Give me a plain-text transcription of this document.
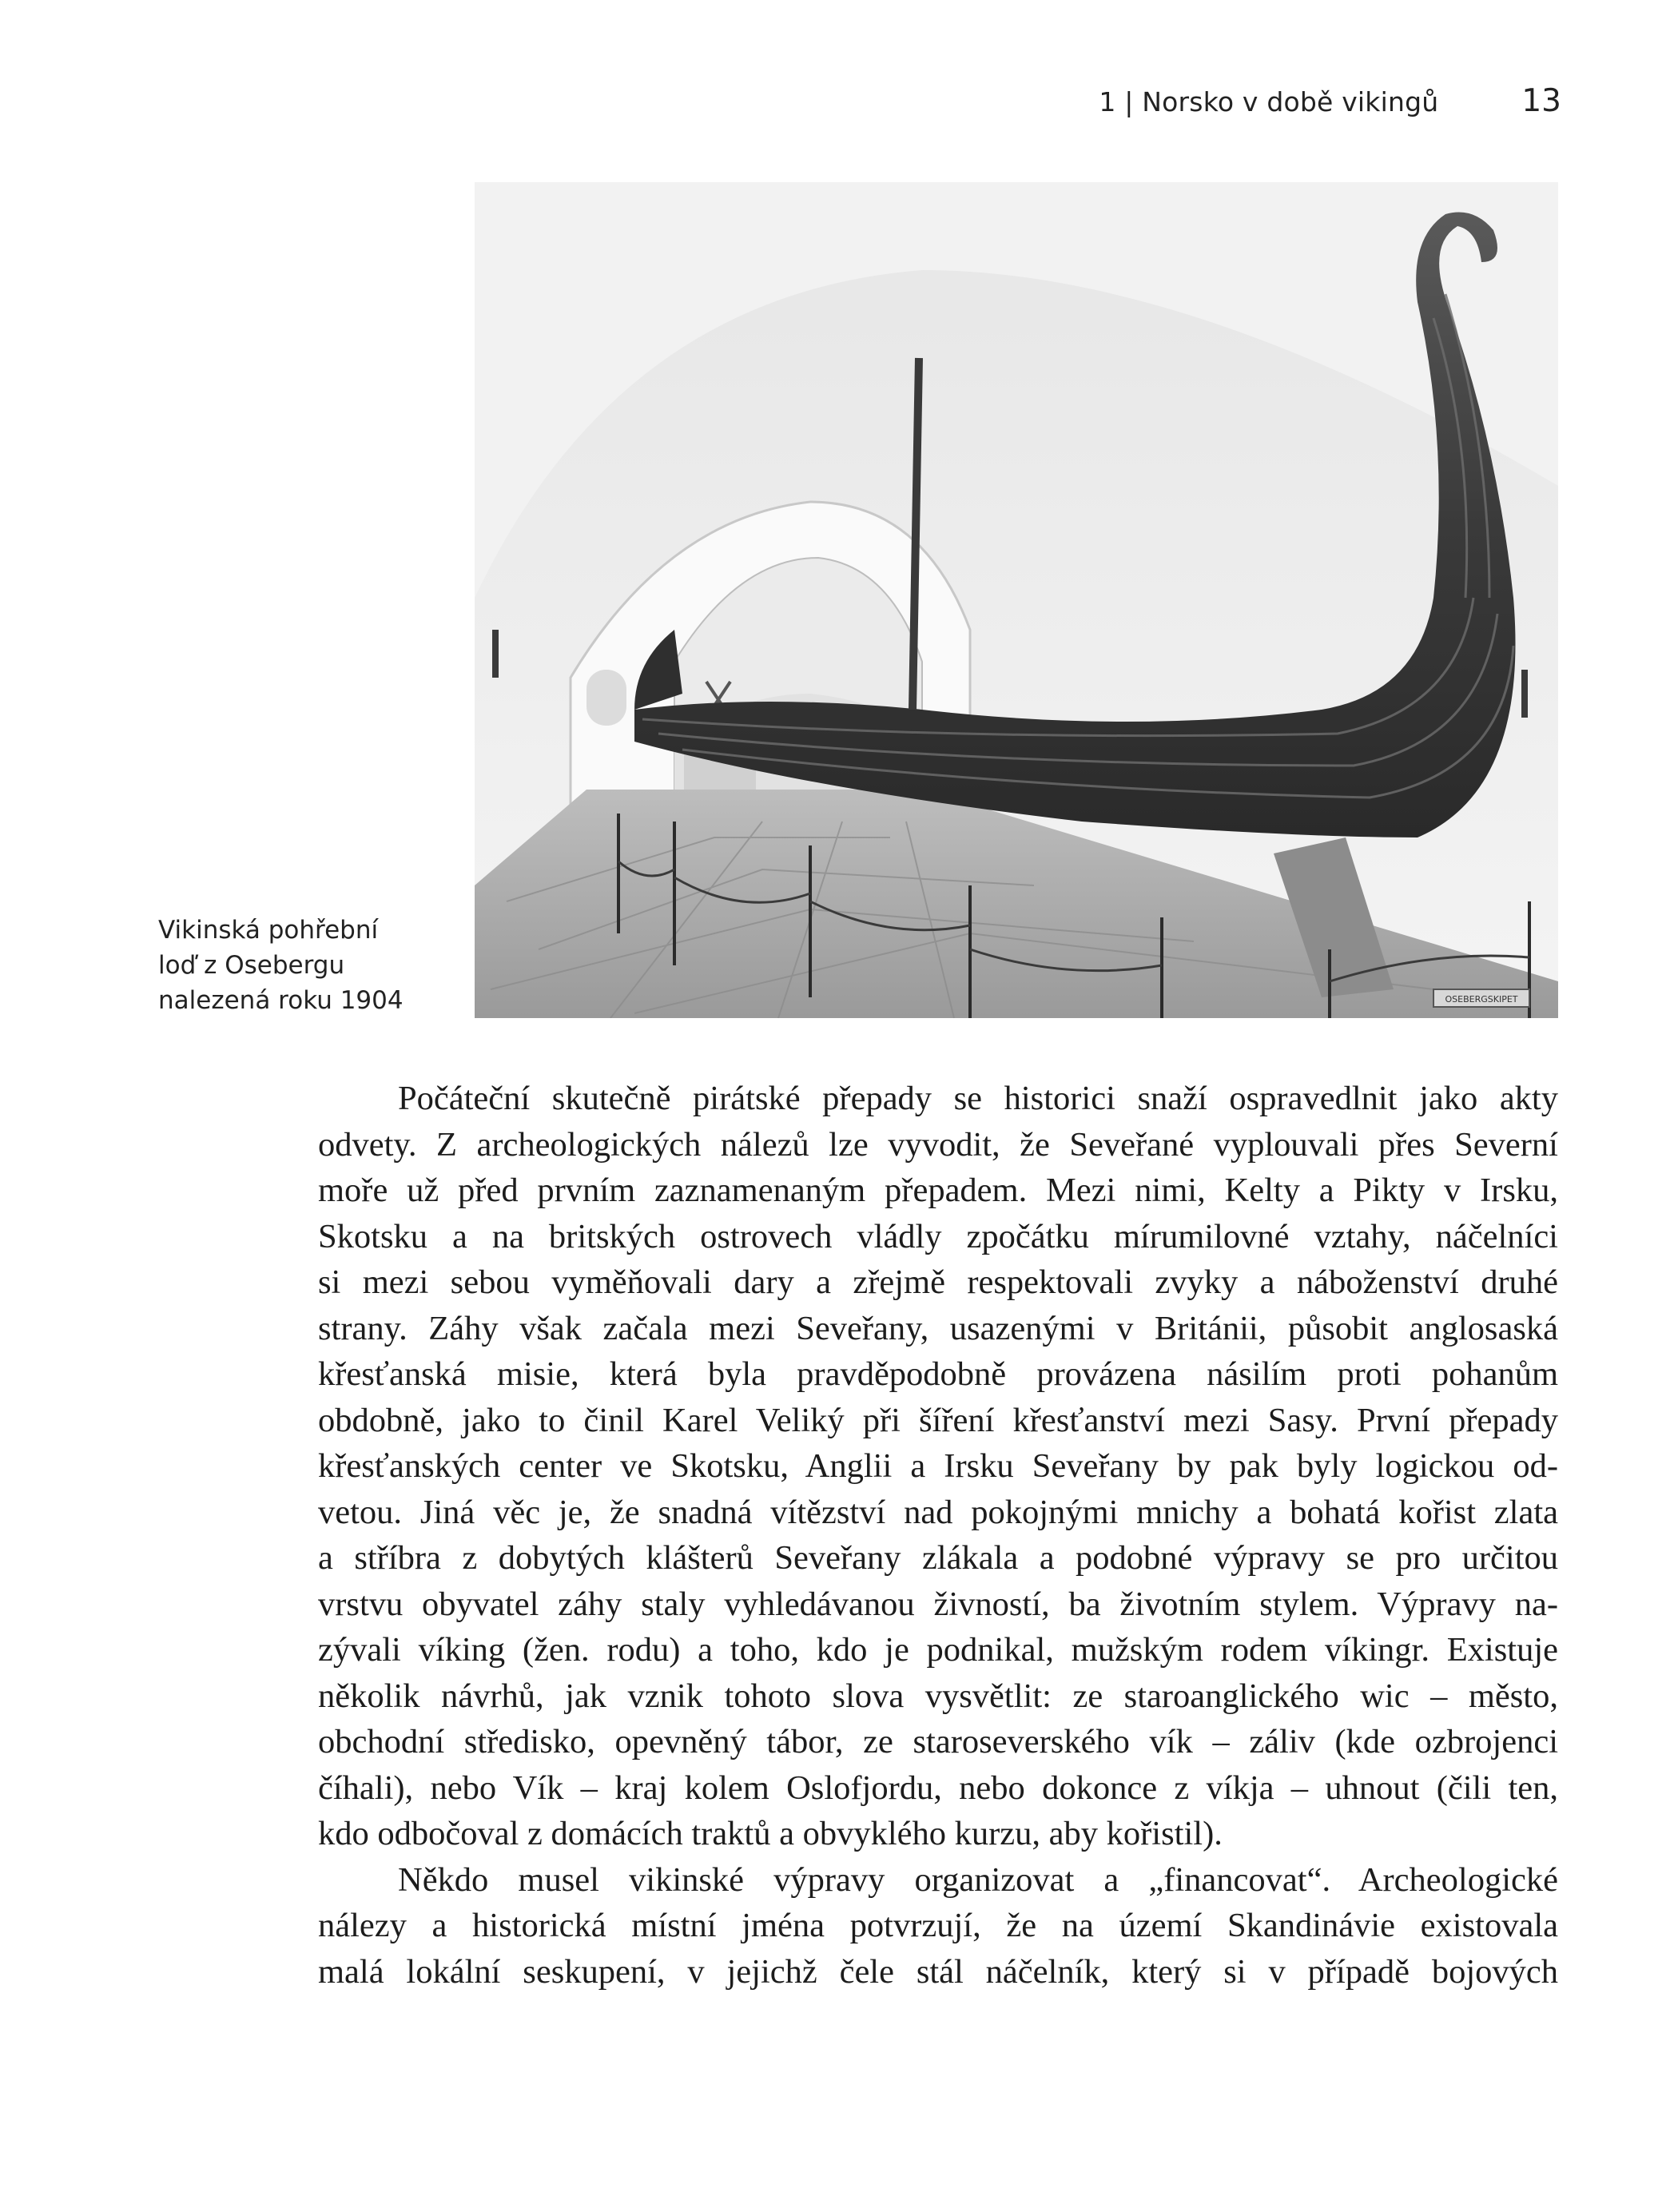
1 | Norsko v době vikingů	13
OSEBERGSKIPET
Vikinská pohřební
loď z Osebergu
nalezená roku 1904
Počáteční skutečně pirátské přepady se historici snaží ospravedlnit jako akty
odvety. Z archeologických nálezů lze vyvodit, že Seveřané vyplouvali přes Severní
moře už před prvním zaznamenaným přepadem. Mezi nimi, Kelty a Pikty v Irsku,
Skotsku a na britských ostrovech vládly zpočátku mírumilovné vztahy, náčelníci
si mezi sebou vyměňovali dary a zřejmě respektovali zvyky a náboženství druhé
strany. Záhy však začala mezi Seveřany, usazenými v Británii, působit anglosaská
křesťanská misie, která byla pravděpodobně provázena násilím proti pohanům
obdobně, jako to činil Karel Veliký při šíření křesťanství mezi Sasy. První přepady
křesťanských center ve Skotsku, Anglii a Irsku Seveřany by pak byly logickou od-
vetou. Jiná věc je, že snadná vítězství nad pokojnými mnichy a bohatá kořist zlata
a stříbra z dobytých klášterů Seveřany zlákala a podobné výpravy se pro určitou
vrstvu obyvatel záhy staly vyhledávanou živností, ba životním stylem. Výpravy na-
zývali víking (žen. rodu) a toho, kdo je podnikal, mužským rodem víkingr. Existuje
několik návrhů, jak vznik tohoto slova vysvětlit: ze staroanglického wic – město,
obchodní středisko, opevněný tábor, ze staroseverského vík – záliv (kde ozbrojenci
číhali), nebo Vík – kraj kolem Oslofjordu, nebo dokonce z víkja – uhnout (čili ten,
kdo odbočoval z domácích traktů a obvyklého kurzu, aby kořistil).
Někdo musel vikinské výpravy organizovat a „financovat“. Archeologické
nálezy a historická místní jména potvrzují, že na území Skandinávie existovala
malá lokální seskupení, v jejichž čele stál náčelník, který si v případě bojových
